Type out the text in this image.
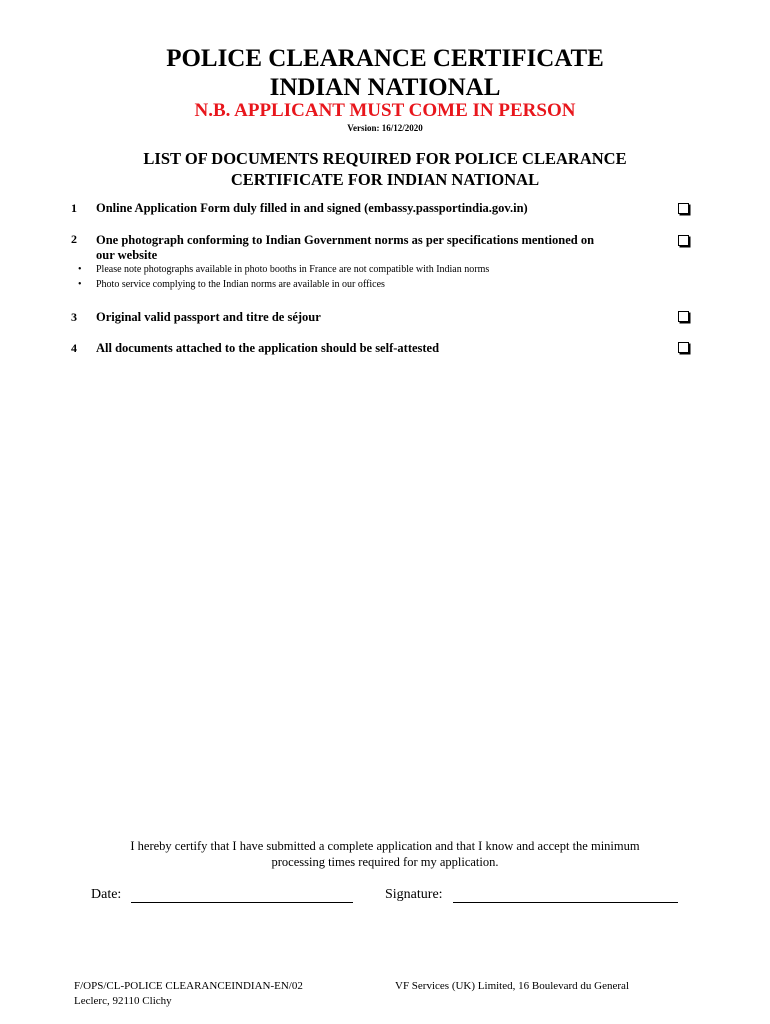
POLICE CLEARANCE CERTIFICATE
INDIAN NATIONAL
N.B. APPLICANT MUST COME IN PERSON
Version: 16/12/2020
LIST OF DOCUMENTS REQUIRED FOR POLICE CLEARANCE
CERTIFICATE FOR INDIAN NATIONAL
1 Online Application Form duly filled in and signed (embassy.passportindia.gov.in)
2 One photograph conforming to Indian Government norms as per specifications mentioned on
our website
• Please note photographs available in photo booths in France are not compatible with Indian norms
• Photo service complying to the Indian norms are available in our offices
3 Original valid passport and titre de séjour
4 All documents attached to the application should be self-attested
I hereby certify that I have submitted a complete application and that I know and accept the minimum
processing times required for my application.
Date:	Signature:
F/OPS/CL-POLICE CLEARANCEINDIAN-EN/02
Leclerc, 92110 Clichy
VF Services (UK) Limited, 16 Boulevard du General
